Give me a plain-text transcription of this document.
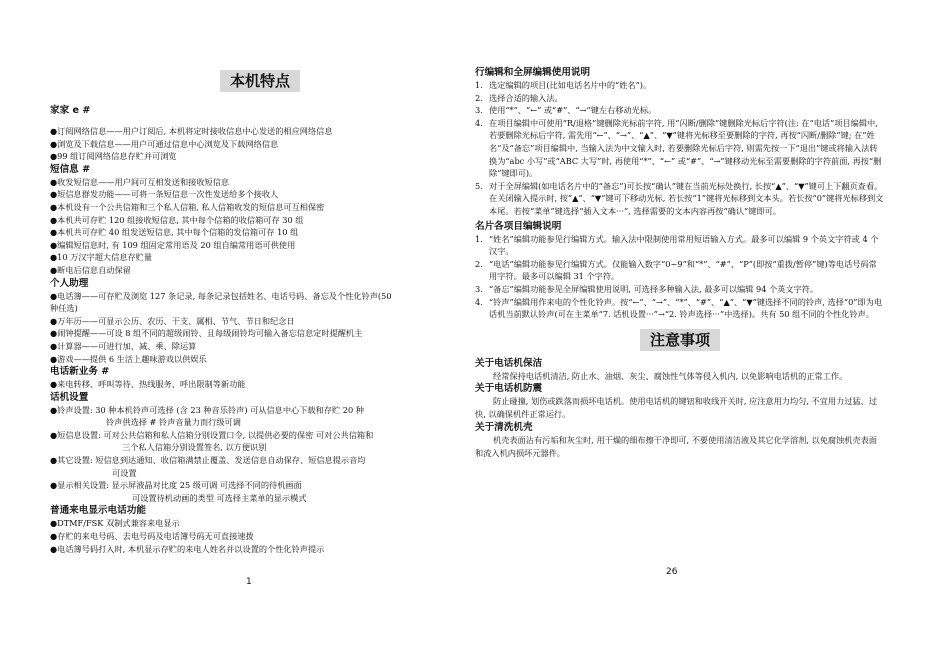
本机特点
家家 e #
●订阅网络信息——用户订阅后, 本机将定时接收信息中心发送的相应网络信息
●浏览及下载信息——用户可通过信息中心浏览及下载网络信息
●99 组订阅网络信息存贮并可浏览
短信息 #
●收发短信息——用户间可互相发送和接收短信息
●短信息群发功能——可将一条短信息一次性发送给多个接收人
●本机设有一个公共信箱和三个私人信箱, 私人信箱收发的短信息可互相保密
●本机共可存贮 120 组接收短信息, 其中每个信箱的收信箱可存 30 组
●本机共可存贮 40 组发送短信息, 其中每个信箱的发信箱可存 10 组
●编辑短信息时, 有 109 组固定常用语及 20 组自编常用语可供使用
●10 万汉字超大信息存贮量
●断电后信息自动保留
个人助理
●电话簿——可存贮及浏览 127 条记录, 每条记录包括姓名、电话号码、备忘及个性化铃声(50
种任选)
●万年历——可显示公历、农历、干支、属相、节气、节日和纪念日
●闹钟提醒——可设 8 组不同的超级闹铃、且每级闹铃均可输入备忘信息定时提醒机主
●计算器——可进行加、减、乘、除运算
●游戏——提供 6 生活上趣味游戏以供娱乐
电话新业务 #
●来电转移、呼叫等待、热线服务、呼出限制等新功能
话机设置
●铃声设置: 30 种本机铃声可选择 (含 23 种音乐铃声) 可从信息中心下载和存贮 20 种
铃声供选择 # 铃声音量力而行级可调
●短信息设置: 可对公共信箱和私人信箱分别设置口令, 以提供必要的保密 可对公共信箱和
三个私人信箱分别设置签名, 以方便识别
●其它设置: 短信息到达通知、收信箱满禁止覆盖、发送信息自动保存、短信息提示音均
可设置
●显示相关设置: 显示屏液晶对比度 25 级可调 可选择不同的待机画面
可设置待机动画的类型 可选择主菜单的显示模式
普通来电显示电话功能
●DTMF/FSK 双制式兼容来电显示
●存贮的来电号码、去电号码及电话簿号码无可直接速拨
●电话簿号码打入时, 本机显示存贮的来电人姓名并以设置的个性化铃声提示
1
行编辑和全屏编辑使用说明
1. 选定编辑的项目(比如电话名片中的“姓名”)。
2. 选择合适的输入法。
3. 使用“*”、“←” 或“#”、“→”键左右移动光标。
4. 在项目编辑中可使用“R/退格”键删除光标前字符, 用“闪断/删除”键删除光标后字符(注: 在“电话”项目编辑中, 若要删除光标后字符, 需先用“←”、“→”、“▲”、“▼”键将光标移至要删除的字符, 再按“闪断/删除”键; 在“姓名”及“备忘”项目编辑中, 当输入法为中文输入时, 若要删除光标后字符, 则需先按一下“退出”键或将输入法转换为“abc 小写”或“ABC 大写”时, 再使用“*”、“←” 或“#”、“→”键移动光标至需要删除的字符前面, 再按“删除”键即可)。
5. 对于全屏编辑(如电话名片中的“备忘”)可长按“确认”键在当前光标处换行, 长按“▲”、“▼”键可上下翻页查看。在关闭输入提示时, 按“▲”、“▼”键可下移动光标, 若长按“1”键将光标移到文本头。若长按“0”键将光标移到文本尾。若按“菜单”键选择“插入文本···”, 选择需要的文本内容再按“确认”键即可。
名片各项目编辑说明
1. “姓名”编辑功能参见行编辑方式。输入法中限制使用常用短语输入方式。最多可以编辑 9 个英文字符或 4 个汉字。
2. “电话”编辑功能参见行编辑方式。仅能输入数字“0~9”和“*”、“#”、“P”(即按“重拨/暂停”键)等电话号码常用字符。最多可以编辑 31 个字符。
3. “备忘”编辑功能参见全屏编辑使用说明, 可选择多种输入法, 最多可以编辑 94 个英文字符。
4. “铃声”编辑用作来电的个性化铃声。按“←”、“→”、“*”、“#”、“▲”、“▼”键选择不同的铃声, 选择“0”即为电话机当前默认铃声(可在主菜单“7. 话机设置···”→“2. 铃声选择···”中选择)。共有 50 组不同的个性化铃声。
注意事项
关于电话机保洁
经常保持电话机清洁, 防止水、油烟、灰尘、腐蚀性气体等侵入机内, 以免影响电话机的正常工作。
关于电话机防震
防止碰撞, 划伤或跌落而损坏电话机。使用电话机的键钮和收线开关时, 应注意用力均匀, 不宜用力过猛、过快, 以确保机件正常运行。
关于清洗机壳
机壳表面沾有污垢和灰尘时, 用干燥的细布擦干净即可, 不要使用清洁液及其它化学溶剂, 以免腐蚀机壳表面和流入机内损坏元器件。
26
